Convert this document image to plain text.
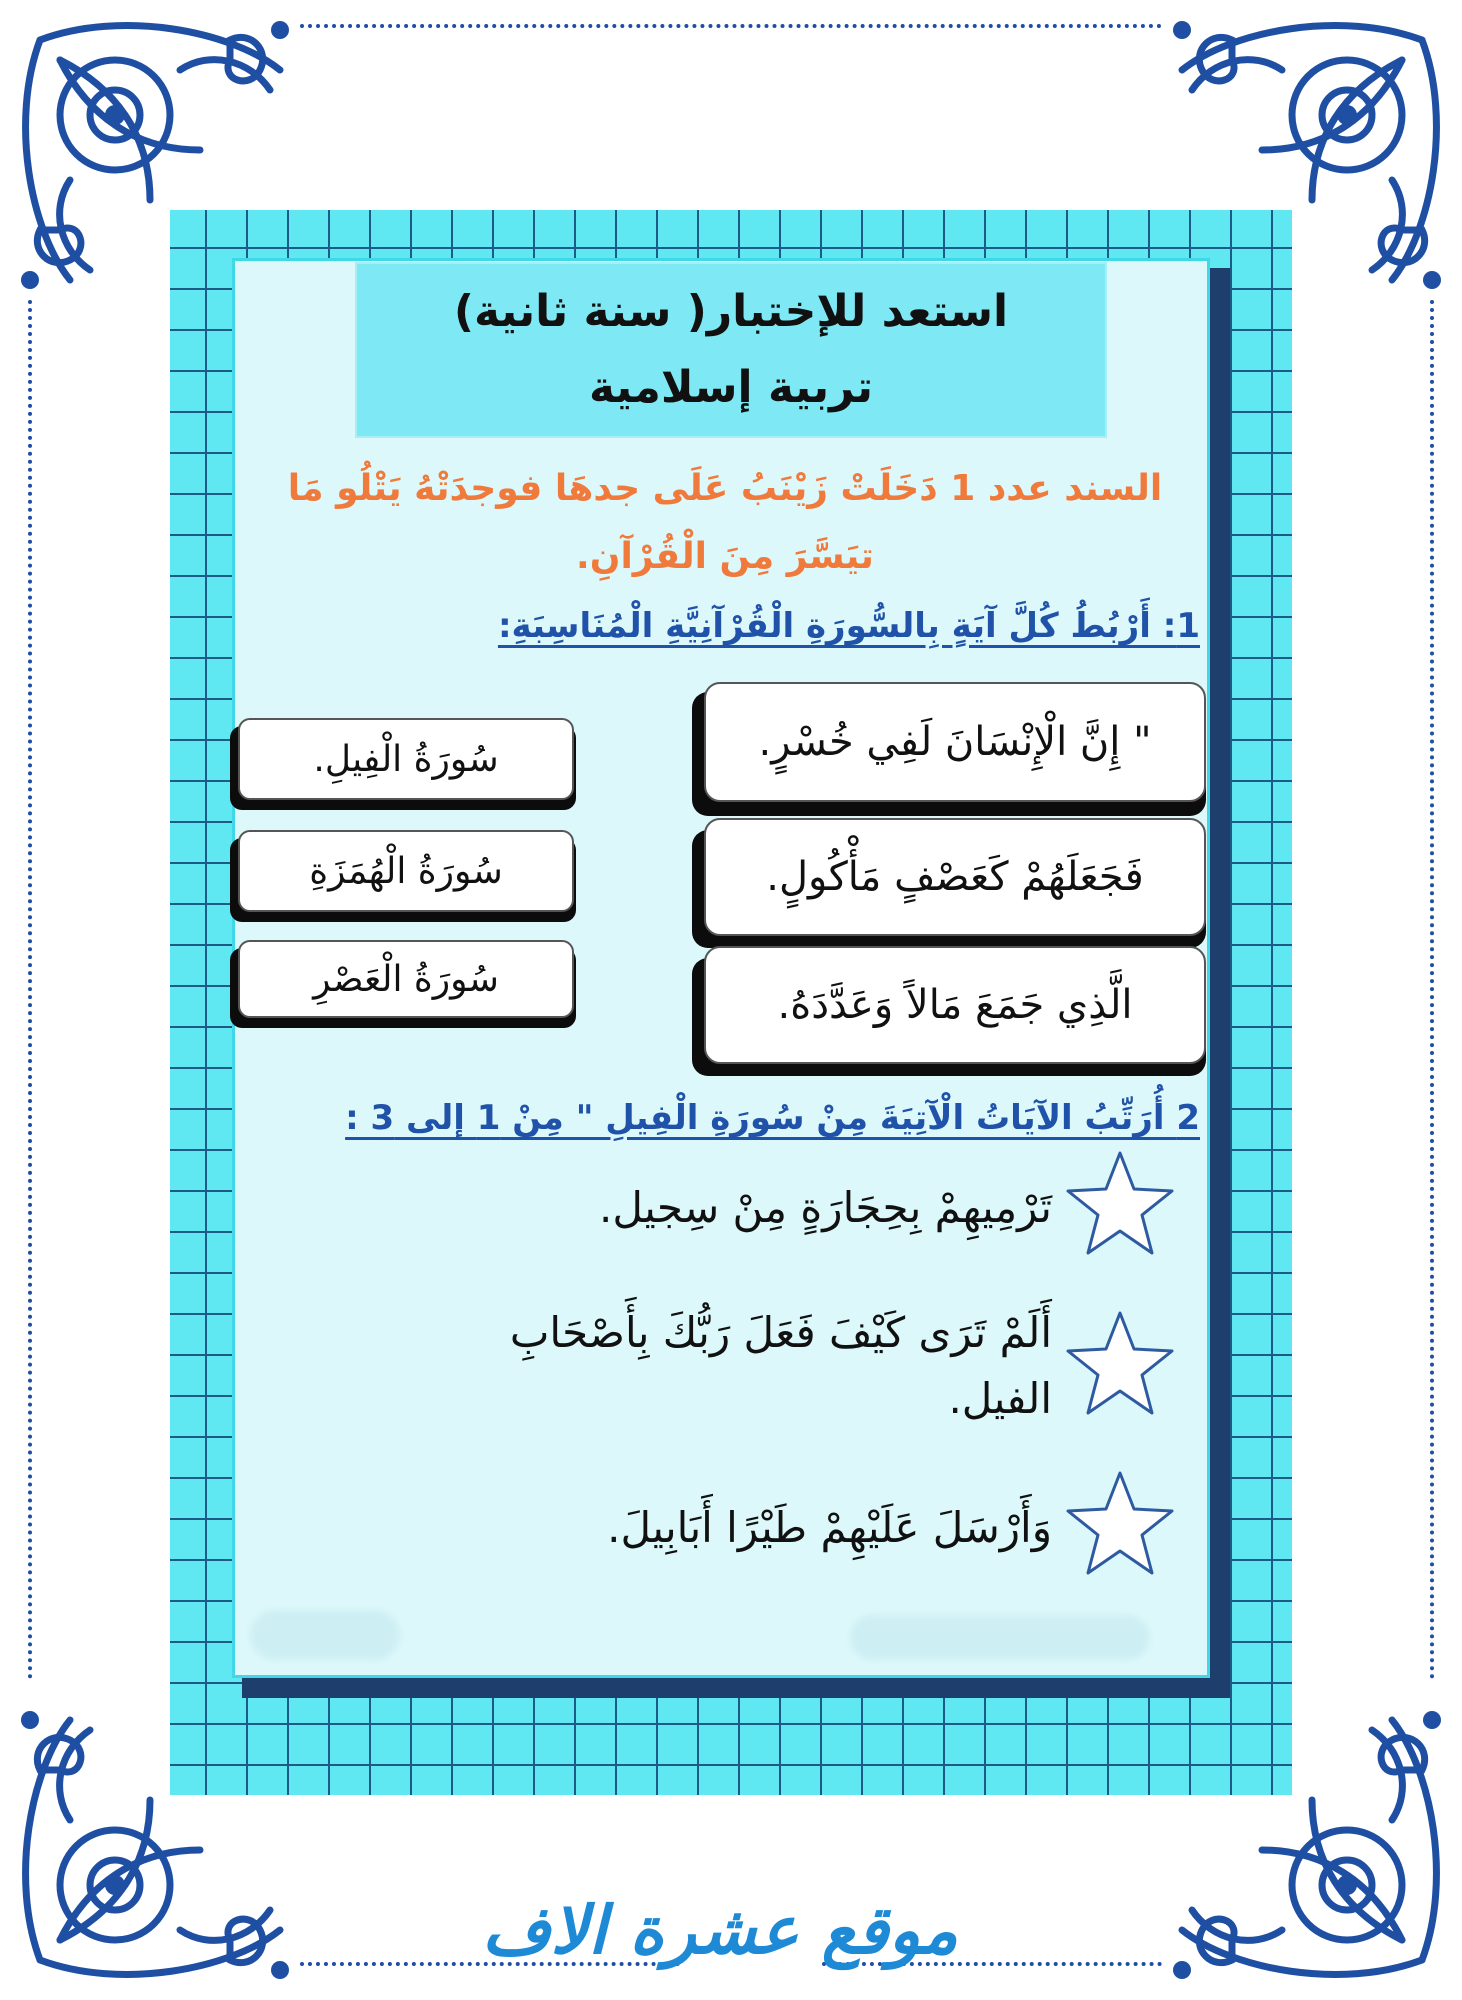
استعد للإختبار( سنة ثانية)
تربية إسلامية
السند عدد 1 دَخَلَتْ زَيْنَبُ عَلَى جدهَا فوجدَتْهُ يَتْلُو مَا تيَسَّرَ مِنَ الْقُرْآنِ.
1: أَرْبُطُ كُلَّ آيَةٍ بِالسُّورَةِ الْقُرْآنِيَّةِ الْمُنَاسِبَةِ:
" إِنَّ الْإِنْسَانَ لَفِي خُسْرٍ.
فَجَعَلَهُمْ كَعَصْفٍ مَأْكُولٍ.
الَّذِي جَمَعَ مَالاً وَعَدَّدَهُ.
سُورَةُ الْفِيلِ.
سُورَةُ الْهُمَزَةِ
سُورَةُ الْعَصْرِ
2 أُرَتِّبُ الآيَاتُ الْآتِيَةَ مِنْ سُورَةِ الْفِيلِ " مِنْ 1 إلى 3 :
تَرْمِيهِمْ بِحِجَارَةٍ مِنْ سِجيل.
أَلَمْ تَرَى كَيْفَ فَعَلَ رَبُّكَ بِأَصْحَابِ الفيل.
وَأَرْسَلَ عَلَيْهِمْ طَيْرًا أَبَابِيلَ.
موقع عشرة الاف
